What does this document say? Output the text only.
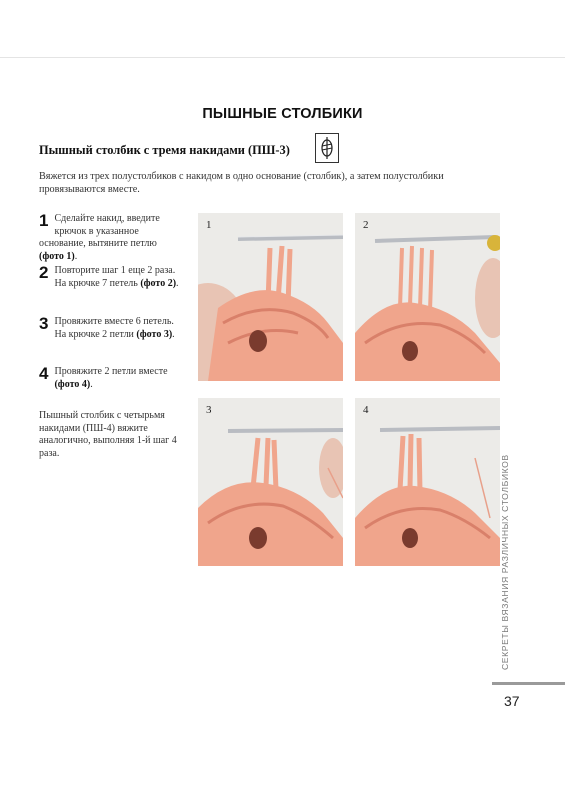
ПЫШНЫЕ СТОЛБИКИ
Пышный столбик с тремя накидами (ПШ-3)
Вяжется из трех полустолбиков с накидом в одно основание (столбик), а затем полустолбики провязываются вместе.
1 Сделайте накид, введите крючок в указанное основание, вытяните петлю (фото 1).
2 Повторите шаг 1 еще 2 раза. На крючке 7 петель (фото 2).
3 Провяжите вместе 6 петель. На крючке 2 петли (фото 3).
4 Провяжите 2 петли вместе (фото 4).
Пышный столбик с четырьмя накидами (ПШ-4) вяжите аналогично, выполняя 1-й шаг 4 раза.
1	2
3	4
СЕКРЕТЫ ВЯЗАНИЯ РАЗЛИЧНЫХ СТОЛБИКОВ
37
